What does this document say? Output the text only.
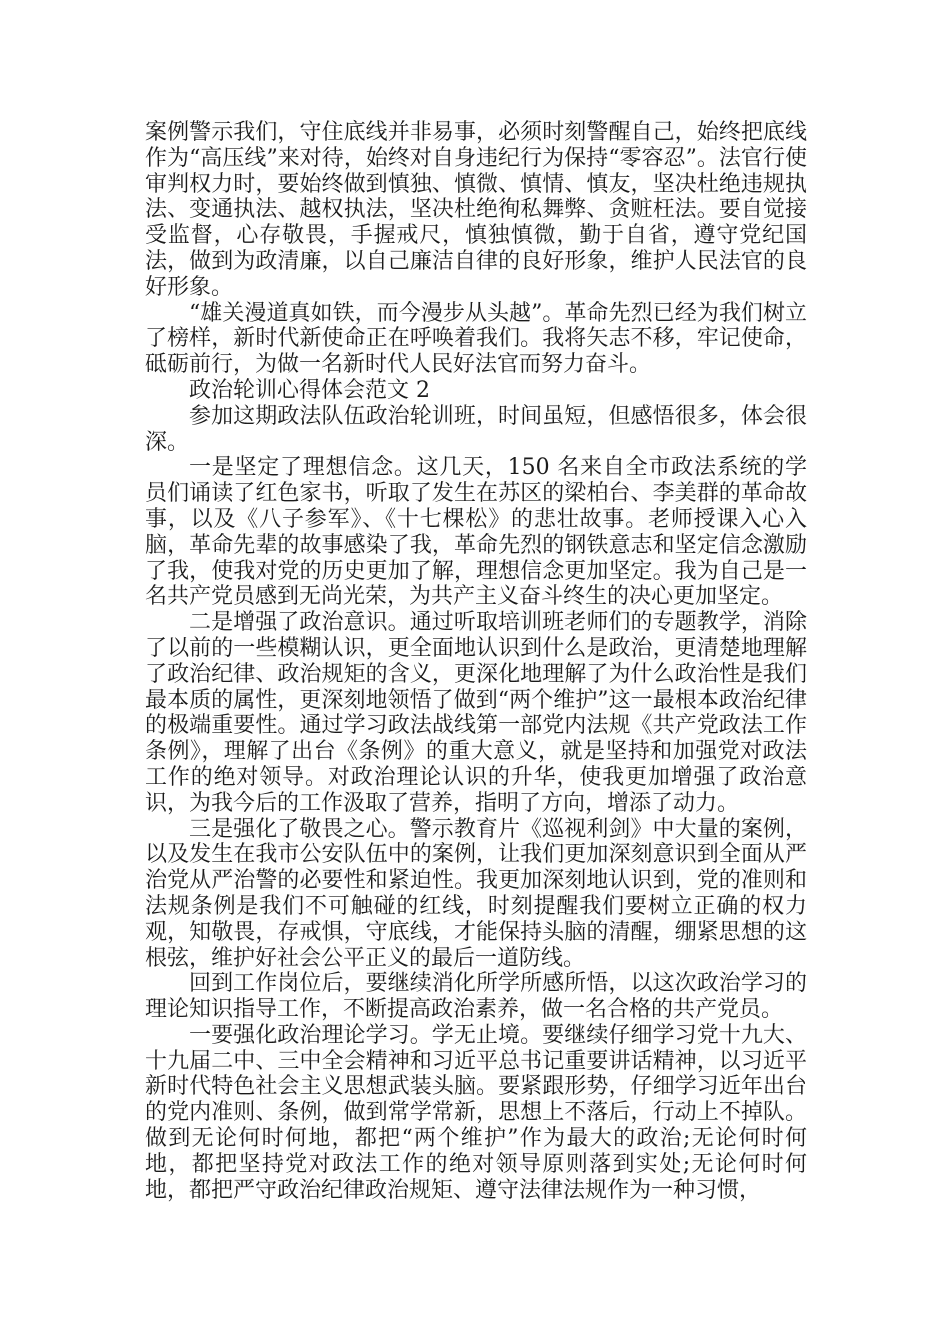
案例警示我们，守住底线并非易事，必须时刻警醒自己，始终把底线作为“高压线”来对待，始终对自身违纪行为保持“零容忍”。法官行使审判权力时，要始终做到慎独、慎微、慎情、慎友，坚决杜绝违规执法、变通执法、越权执法，坚决杜绝徇私舞弊、贪赃枉法。要自觉接受监督，心存敬畏，手握戒尺，慎独慎微，勤于自省，遵守党纪国法，做到为政清廉，以自己廉洁自律的良好形象，维护人民法官的良好形象。

“雄关漫道真如铁，而今漫步从头越”。革命先烈已经为我们树立了榜样，新时代新使命正在呼唤着我们。我将矢志不移，牢记使命，砥砺前行，为做一名新时代人民好法官而努力奋斗。

政治轮训心得体会范文 2

参加这期政法队伍政治轮训班，时间虽短，但感悟很多，体会很深。

一是坚定了理想信念。这几天，150 名来自全市政法系统的学员们诵读了红色家书，听取了发生在苏区的梁柏台、李美群的革命故事，以及《八子参军》、《十七棵松》的悲壮故事。老师授课入心入脑，革命先辈的故事感染了我，革命先烈的钢铁意志和坚定信念激励了我，使我对党的历史更加了解，理想信念更加坚定。我为自己是一名共产党员感到无尚光荣，为共产主义奋斗终生的决心更加坚定。

二是增强了政治意识。通过听取培训班老师们的专题教学，消除了以前的一些模糊认识，更全面地认识到什么是政治，更清楚地理解了政治纪律、政治规矩的含义，更深化地理解了为什么政治性是我们最本质的属性，更深刻地领悟了做到“两个维护”这一最根本政治纪律的极端重要性。通过学习政法战线第一部党内法规《共产党政法工作条例》，理解了出台《条例》的重大意义，就是坚持和加强党对政法工作的绝对领导。对政治理论认识的升华，使我更加增强了政治意识，为我今后的工作汲取了营养，指明了方向，增添了动力。

三是强化了敬畏之心。警示教育片《巡视利剑》中大量的案例，以及发生在我市公安队伍中的案例，让我们更加深刻意识到全面从严治党从严治警的必要性和紧迫性。我更加深刻地认识到，党的准则和法规条例是我们不可触碰的红线，时刻提醒我们要树立正确的权力观，知敬畏，存戒惧，守底线，才能保持头脑的清醒，绷紧思想的这根弦，维护好社会公平正义的最后一道防线。

回到工作岗位后，要继续消化所学所感所悟，以这次政治学习的理论知识指导工作，不断提高政治素养，做一名合格的共产党员。

一要强化政治理论学习。学无止境。要继续仔细学习党十九大、十九届二中、三中全会精神和习近平总书记重要讲话精神，以习近平新时代特色社会主义思想武装头脑。要紧跟形势，仔细学习近年出台的党内准则、条例，做到常学常新，思想上不落后，行动上不掉队。做到无论何时何地，都把“两个维护”作为最大的政治;无论何时何地，都把坚持党对政法工作的绝对领导原则落到实处;无论何时何地，都把严守政治纪律政治规矩、遵守法律法规作为一种习惯，
